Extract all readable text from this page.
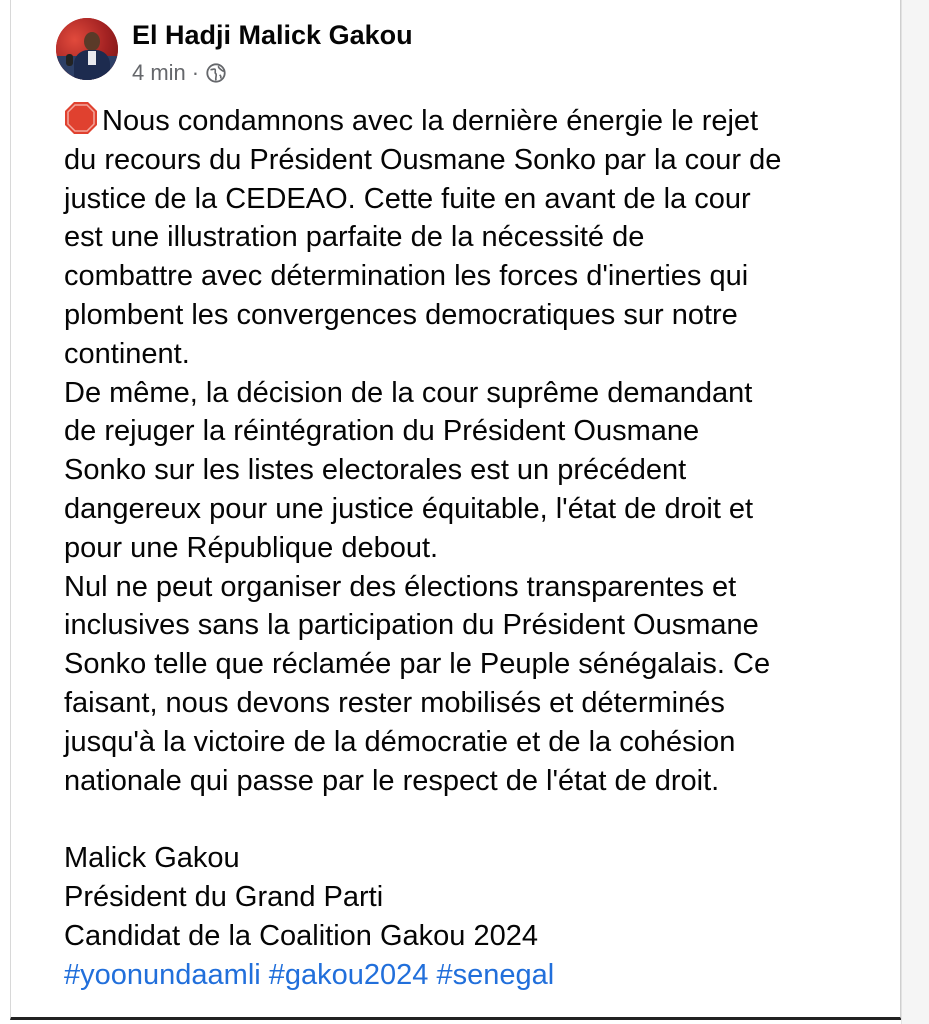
El Hadji Malick Gakou
4 min ·
Nous condamnons avec la dernière énergie le rejet
du recours du Président Ousmane Sonko par la cour de
justice de la CEDEAO. Cette fuite en avant de la cour
est une illustration parfaite de la nécessité de
combattre avec détermination les forces d'inerties qui
plombent les convergences democratiques sur notre
continent.
De même, la décision de la cour suprême demandant
de rejuger la réintégration du Président Ousmane
Sonko sur les listes electorales est un précédent
dangereux pour une justice équitable, l'état de droit et
pour une République debout.
Nul ne peut organiser des élections transparentes et
inclusives sans la participation du Président Ousmane
Sonko telle que réclamée par le Peuple sénégalais. Ce
faisant, nous devons rester mobilisés et déterminés
jusqu'à la victoire de la démocratie et de la cohésion
nationale qui passe par le respect de l'état de droit.
Malick Gakou
Président du Grand Parti
Candidat de la Coalition Gakou 2024
#yoonundaamli #gakou2024 #senegal
